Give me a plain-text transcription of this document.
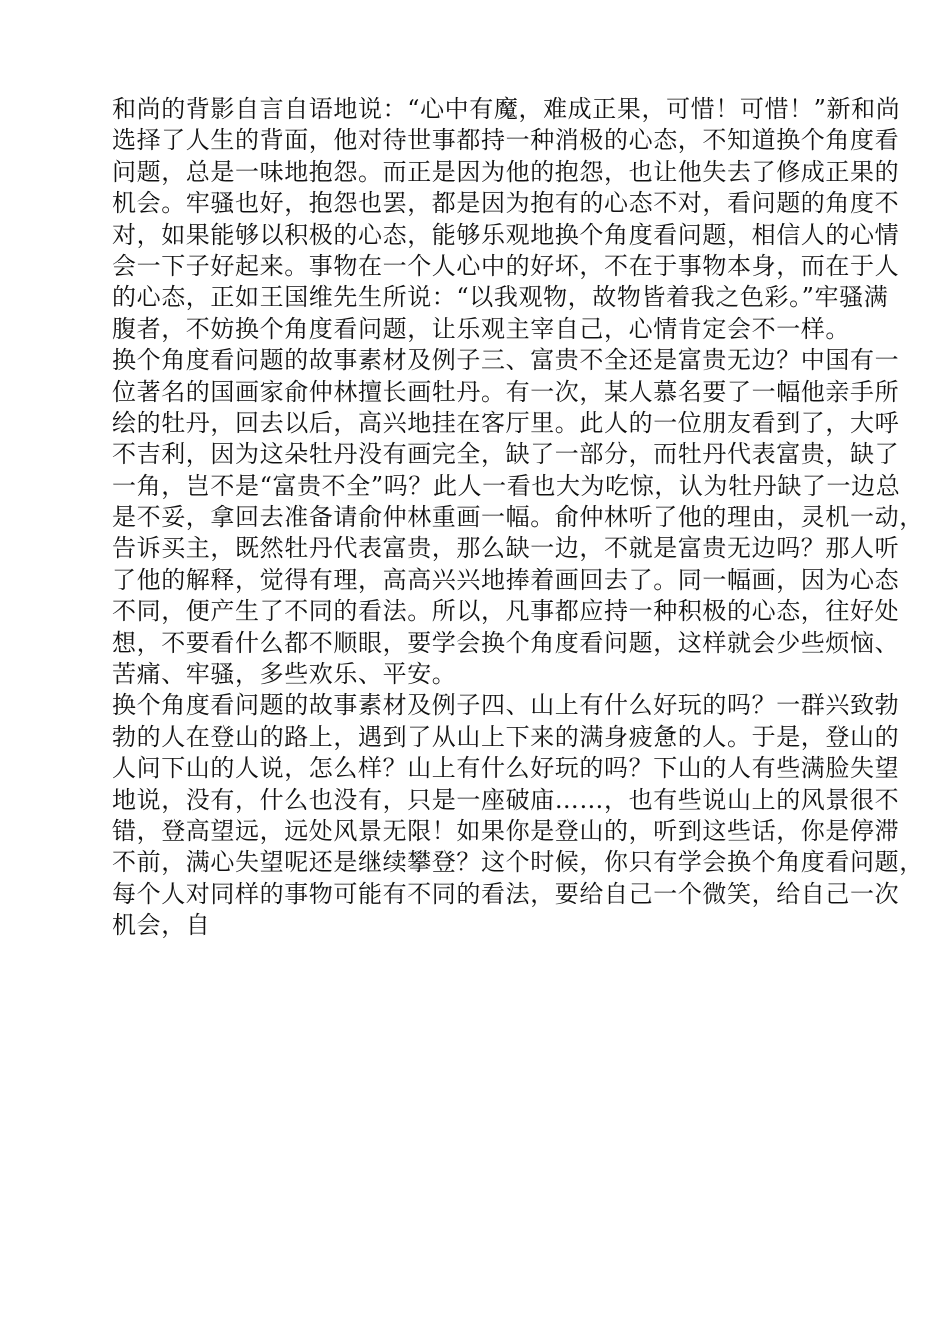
和尚的背影自言自语地说：“心中有魔，难成正果，可惜！可惜！”新和尚
选择了人生的背面，他对待世事都持一种消极的心态，不知道换个角度看
问题，总是一味地抱怨。而正是因为他的抱怨，也让他失去了修成正果的
机会。牢骚也好，抱怨也罢，都是因为抱有的心态不对，看问题的角度不
对，如果能够以积极的心态，能够乐观地换个角度看问题，相信人的心情
会一下子好起来。事物在一个人心中的好坏，不在于事物本身，而在于人
的心态，正如王国维先生所说：“以我观物，故物皆着我之色彩。”牢骚满
腹者，不妨换个角度看问题，让乐观主宰自己，心情肯定会不一样。
换个角度看问题的故事素材及例子三、富贵不全还是富贵无边？中国有一
位著名的国画家俞仲林擅长画牡丹。有一次，某人慕名要了一幅他亲手所
绘的牡丹，回去以后，高兴地挂在客厅里。此人的一位朋友看到了，大呼
不吉利，因为这朵牡丹没有画完全，缺了一部分，而牡丹代表富贵，缺了
一角，岂不是“富贵不全”吗？此人一看也大为吃惊，认为牡丹缺了一边总
是不妥，拿回去准备请俞仲林重画一幅。俞仲林听了他的理由，灵机一动，
告诉买主，既然牡丹代表富贵，那么缺一边，不就是富贵无边吗？那人听
了他的解释，觉得有理，高高兴兴地捧着画回去了。同一幅画，因为心态
不同，便产生了不同的看法。所以，凡事都应持一种积极的心态，往好处
想，不要看什么都不顺眼，要学会换个角度看问题，这样就会少些烦恼、
苦痛、牢骚，多些欢乐、平安。
换个角度看问题的故事素材及例子四、山上有什么好玩的吗？一群兴致勃
勃的人在登山的路上，遇到了从山上下来的满身疲惫的人。于是，登山的
人问下山的人说，怎么样？山上有什么好玩的吗？下山的人有些满脸失望
地说，没有，什么也没有，只是一座破庙……，也有些说山上的风景很不
错，登高望远，远处风景无限！如果你是登山的，听到这些话，你是停滞
不前，满心失望呢还是继续攀登？这个时候，你只有学会换个角度看问题，
每个人对同样的事物可能有不同的看法，要给自己一个微笑，给自己一次
机会，自
